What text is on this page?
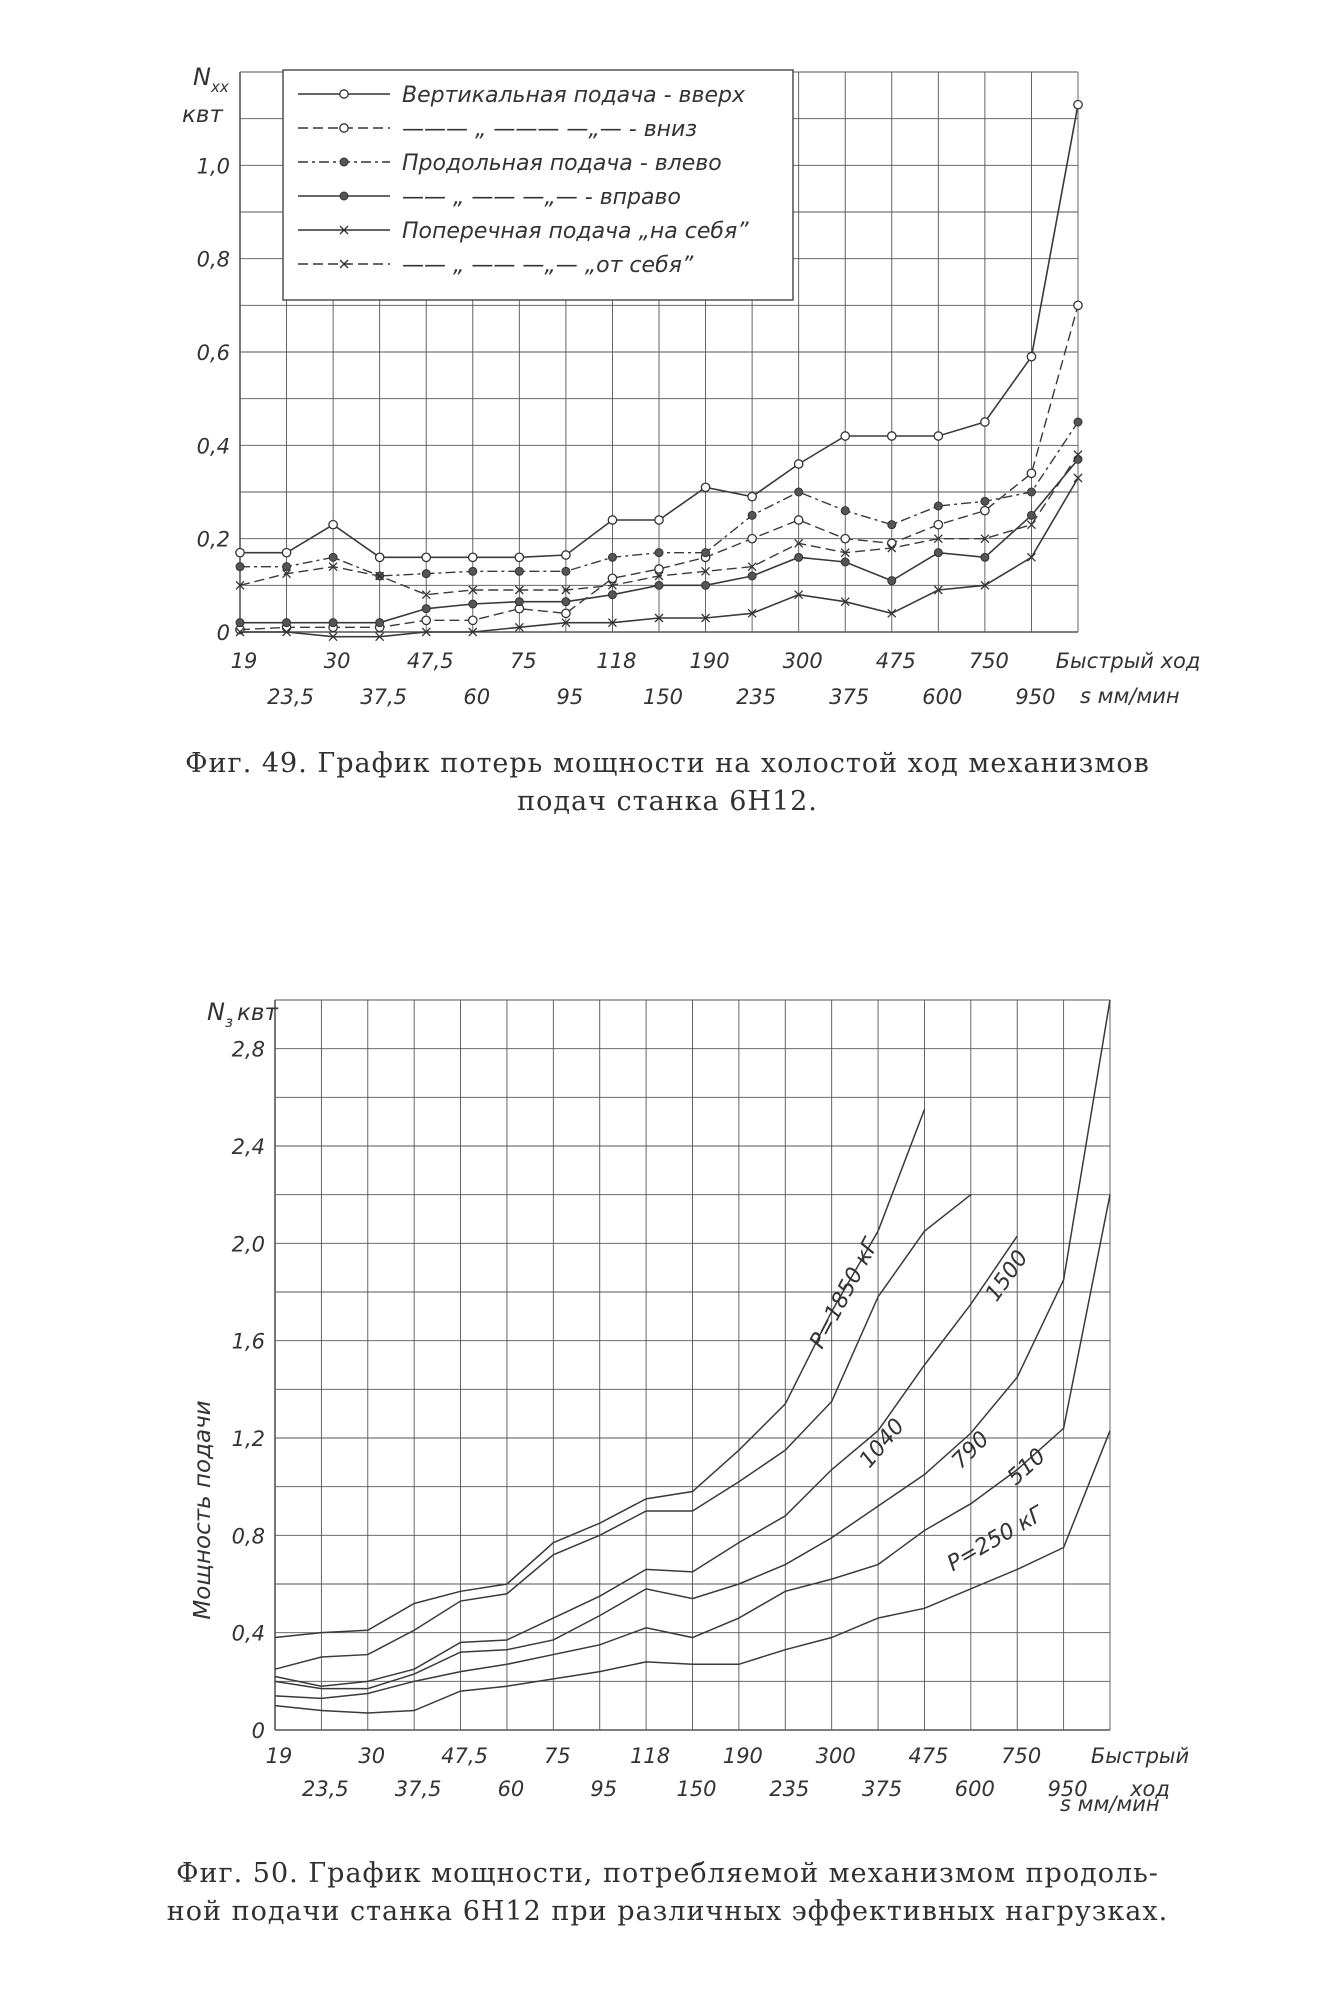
0
0,2
0,4
0,6
0,8
1,0
19
23,5
30
37,5
47,5
60
75
95
118
150
190
235
300
375
475
600
750
950
Быстрый ход
N хх
квт
s мм/мин
Вертикальная подача - вверх
——— „ ——— —„— - вниз
Продольная подача - влево
—— „ —— —„— - вправо
Поперечная подача „на себя”
—— „ —— —„— „от себя”
Фиг. 49. График потерь мощности на холостой ход механизмов
подач станка 6Н12.
0
0,4
0,8
1,2
1,6
2,0
2,4
2,8
19
23,5
30
37,5
47,5
60
75
95
118
150
190
235
300
375
475
600
750
950
Быстрый
ход
P=1850 кГ	1500
1040 790 510
P=250 кГ
N з квт
Мощность подачи
s мм/мин
Фиг. 50. График мощности, потребляемой механизмом продоль-
ной подачи станка 6Н12 при различных эффективных нагрузках.
